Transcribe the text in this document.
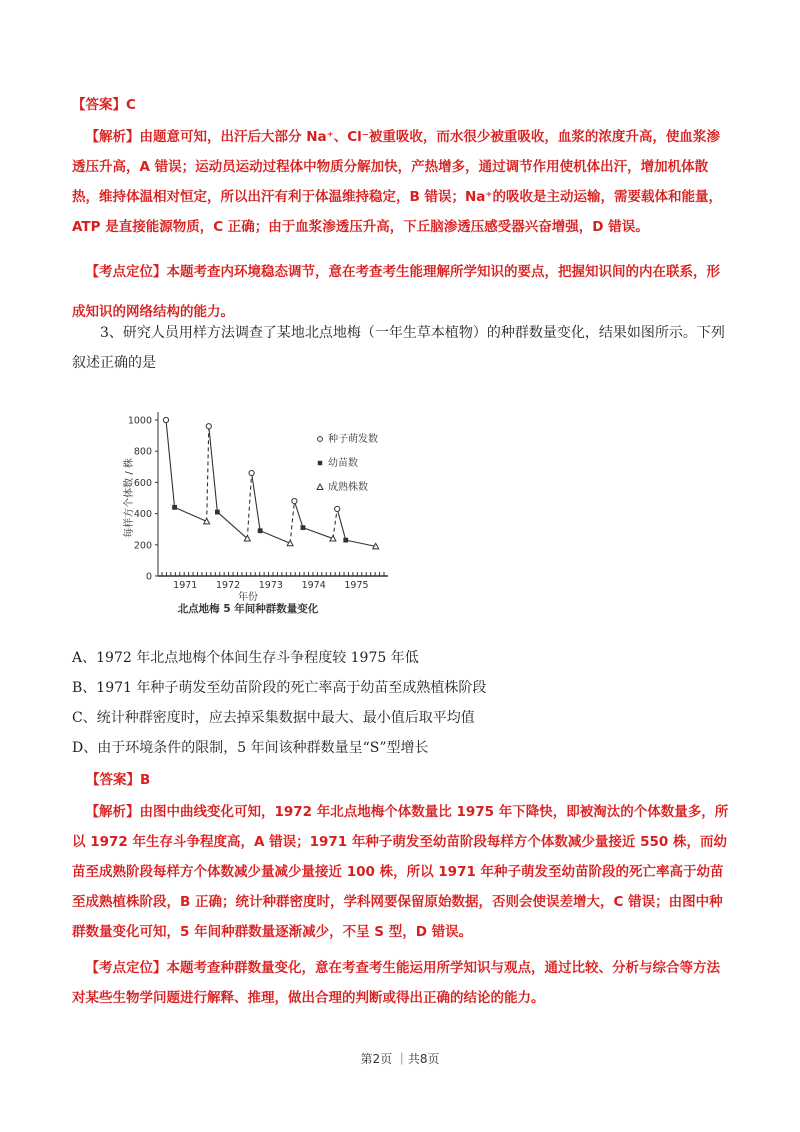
【答案】C

【解析】由题意可知，出汗后大部分 Na⁺、Cl⁻被重吸收，而水很少被重吸收，血浆的浓度升高，使血浆渗透压升高，A 错误；运动员运动过程体中物质分解加快，产热增多，通过调节作用使机体出汗，增加机体散热，维持体温相对恒定，所以出汗有利于体温维持稳定，B 错误；Na⁺的吸收是主动运输，需要载体和能量，ATP 是直接能源物质，C 正确；由于血浆渗透压升高，下丘脑渗透压感受器兴奋增强，D 错误。

【考点定位】本题考查内环境稳态调节，意在考查考生能理解所学知识的要点，把握知识间的内在联系，形成知识的网络结构的能力。

3、研究人员用样方法调查了某地北点地梅（一年生草本植物）的种群数量变化，结果如图所示。下列叙述正确的是

0
200
400
600
800
1000
1971 1972 1973 1974 1975
种子萌发数
幼苗数
成熟株数
每样方个体数 / 株
年份
北点地梅 5 年间种群数量变化
A、1972 年北点地梅个体间生存斗争程度较 1975 年低
B、1971 年种子萌发至幼苗阶段的死亡率高于幼苗至成熟植株阶段
C、统计种群密度时，应去掉采集数据中最大、最小值后取平均值
D、由于环境条件的限制，5 年间该种群数量呈“S”型增长
【答案】B

【解析】由图中曲线变化可知，1972 年北点地梅个体数量比 1975 年下降快，即被淘汰的个体数量多，所以 1972 年生存斗争程度高，A 错误；1971 年种子萌发至幼苗阶段每样方个体数减少量接近 550 株，而幼苗至成熟阶段每样方个体数减少量减少量接近 100 株，所以 1971 年种子萌发至幼苗阶段的死亡率高于幼苗至成熟植株阶段，B 正确；统计种群密度时，学科网要保留原始数据，否则会使误差增大，C 错误；由图中种群数量变化可知，5 年间种群数量逐渐减少，不呈 S 型，D 错误。

【考点定位】本题考查种群数量变化，意在考查考生能运用所学知识与观点，通过比较、分析与综合等方法对某些生物学问题进行解释、推理，做出合理的判断或得出正确的结论的能力。

第2页 ｜共8页
